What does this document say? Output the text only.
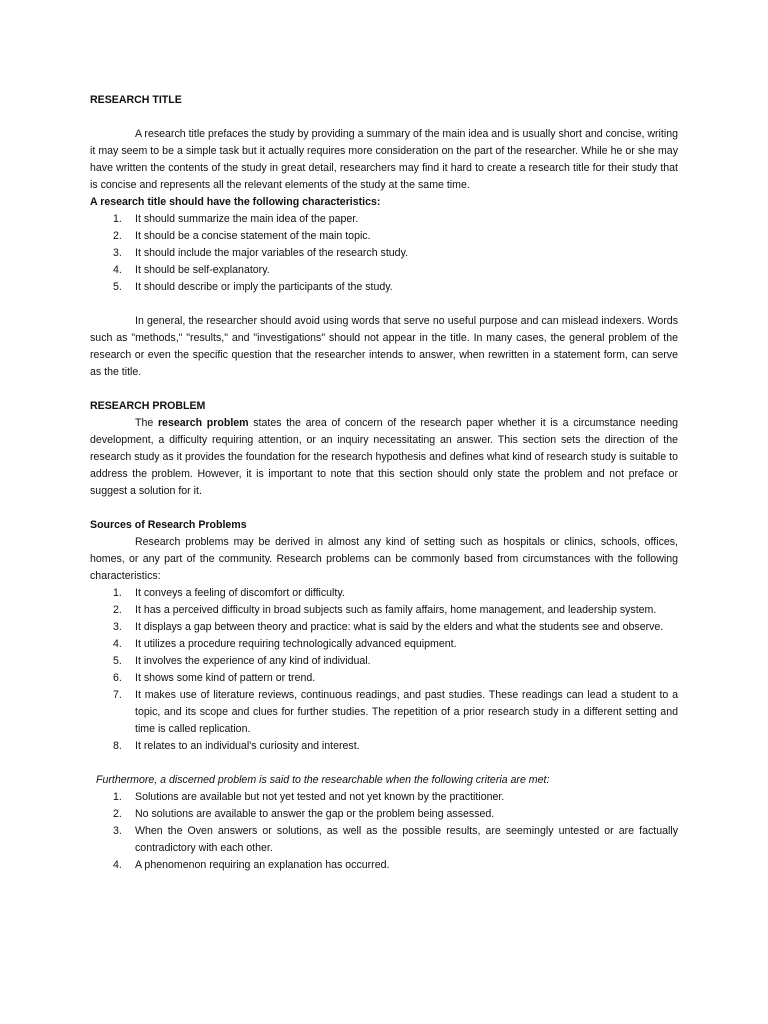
RESEARCH TITLE

A research title prefaces the study by providing a summary of the main idea and is usually short and concise, writing it may seem to be a simple task but it actually requires more consideration on the part of the researcher. While he or she may have written the contents of the study in great detail, researchers may find it hard to create a research title for their study that is concise and represents all the relevant elements of the study at the same time.

A research title should have the following characteristics:

1. It should summarize the main idea of the paper.
2. It should be a concise statement of the main topic.
3. It should include the major variables of the research study.
4. It should be self-explanatory.
5. It should describe or imply the participants of the study.

In general, the researcher should avoid using words that serve no useful purpose and can mislead indexers. Words such as "methods," "results," and "investigations" should not appear in the title. In many cases, the general problem of the research or even the specific question that the researcher intends to answer, when rewritten in a statement form, can serve as the title.

RESEARCH PROBLEM

The research problem states the area of concern of the research paper whether it is a circumstance needing development, a difficulty requiring attention, or an inquiry necessitating an answer. This section sets the direction of the research study as it provides the foundation for the research hypothesis and defines what kind of research study is suitable to address the problem. However, it is important to note that this section should only state the problem and not preface or suggest a solution for it.

Sources of Research Problems

Research problems may be derived in almost any kind of setting such as hospitals or clinics, schools, offices, homes, or any part of the community. Research problems can be commonly based from circumstances with the following characteristics:

1. It conveys a feeling of discomfort or difficulty.
2. It has a perceived difficulty in broad subjects such as family affairs, home management, and leadership system.
3. It displays a gap between theory and practice: what is said by the elders and what the students see and observe.
4. It utilizes a procedure requiring technologically advanced equipment.
5. It involves the experience of any kind of individual.
6. It shows some kind of pattern or trend.
7. It makes use of literature reviews, continuous readings, and past studies. These readings can lead a student to a topic, and its scope and clues for further studies. The repetition of a prior research study in a different setting and time is called replication.
8. It relates to an individual's curiosity and interest.

Furthermore, a discerned problem is said to the researchable when the following criteria are met:

1. Solutions are available but not yet tested and not yet known by the practitioner.
2. No solutions are available to answer the gap or the problem being assessed.
3. When the Oven answers or solutions, as well as the possible results, are seemingly untested or are factually contradictory with each other.
4. A phenomenon requiring an explanation has occurred.
